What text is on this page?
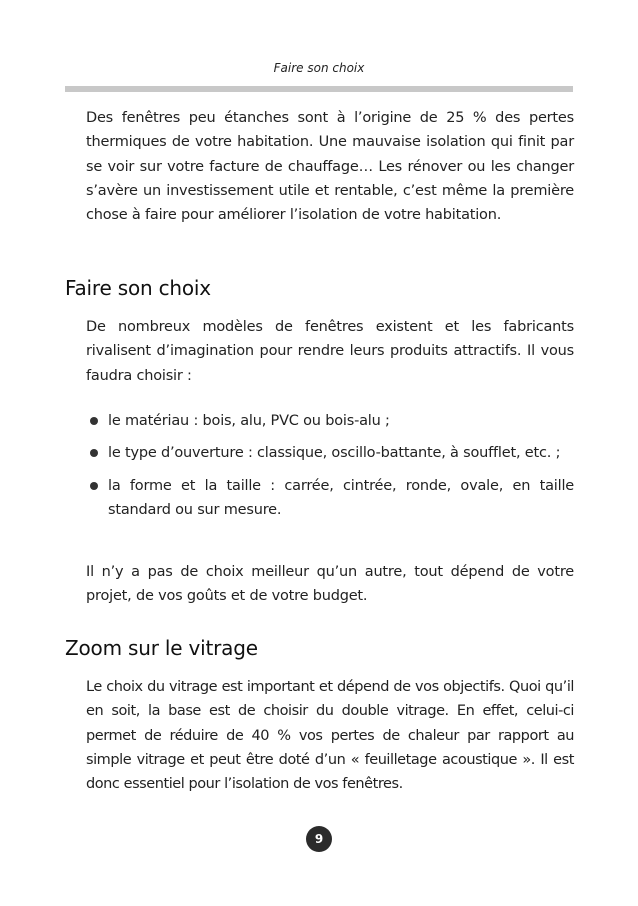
Faire son choix

Des fenêtres peu étanches sont à l’origine de 25 % des pertes thermiques de votre habitation. Une mauvaise isolation qui finit par se voir sur votre facture de chauffage… Les rénover ou les changer s’avère un investissement utile et rentable, c’est même la première chose à faire pour améliorer l’isolation de votre habitation.

Faire son choix

De nombreux modèles de fenêtres existent et les fabricants rivalisent d’imagination pour rendre leurs produits attractifs. Il vous faudra choisir :

le matériau : bois, alu, PVC ou bois-alu ;
le type d’ouverture : classique, oscillo-battante, à soufflet, etc. ;
la forme et la taille : carrée, cintrée, ronde, ovale, en taille standard ou sur mesure.

Il n’y a pas de choix meilleur qu’un autre, tout dépend de votre projet, de vos goûts et de votre budget.

Zoom sur le vitrage

Le choix du vitrage est important et dépend de vos objectifs. Quoi qu’il en soit, la base est de choisir du double vitrage. En effet, celui-ci permet de réduire de 40 % vos pertes de chaleur par rapport au simple vitrage et peut être doté d’un « feuilletage acoustique ». Il est donc essentiel pour l’isolation de vos fenêtres.

9
